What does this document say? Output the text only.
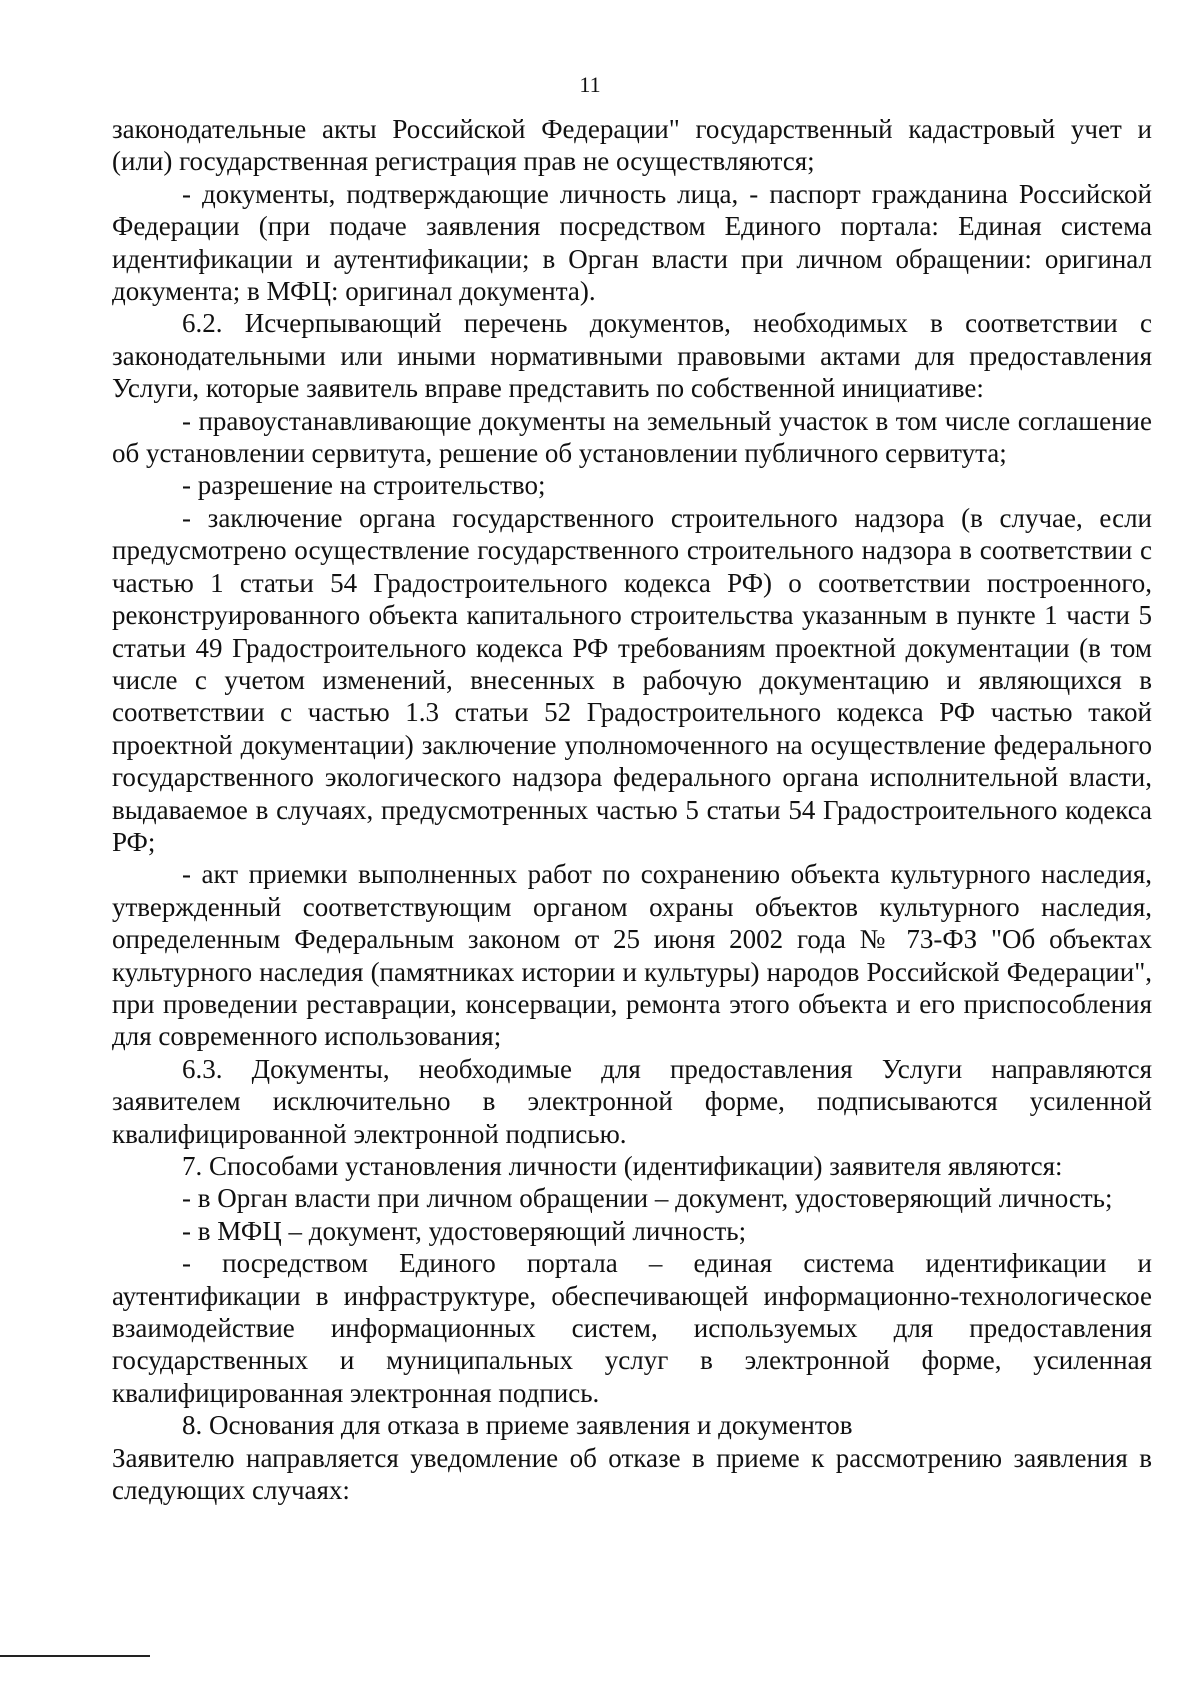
11

законодательные акты Российской Федерации" государственный кадастровый учет и (или) государственная регистрация прав не осуществляются;

- документы, подтверждающие личность лица, - паспорт гражданина Российской Федерации (при подаче заявления посредством Единого портала: Единая система идентификации и аутентификации; в Орган власти при личном обращении: оригинал документа; в МФЦ: оригинал документа).

6.2. Исчерпывающий перечень документов, необходимых в соответствии с законодательными или иными нормативными правовыми актами для предоставления Услуги, которые заявитель вправе представить по собственной инициативе:

- правоустанавливающие документы на земельный участок в том числе соглашение об установлении сервитута, решение об установлении публичного сервитута;

- разрешение на строительство;

- заключение органа государственного строительного надзора (в случае, если предусмотрено осуществление государственного строительного надзора в соответствии с частью 1 статьи 54 Градостроительного кодекса РФ) о соответствии построенного, реконструированного объекта капитального строительства указанным в пункте 1 части 5 статьи 49 Градостроительного кодекса РФ требованиям проектной документации (в том числе с учетом изменений, внесенных в рабочую документацию и являющихся в соответствии с частью 1.3 статьи 52 Градостроительного кодекса РФ частью такой проектной документации) заключение уполномоченного на осуществление федерального государственного экологического надзора федерального органа исполнительной власти, выдаваемое в случаях, предусмотренных частью 5 статьи 54 Градостроительного кодекса РФ;

- акт приемки выполненных работ по сохранению объекта культурного наследия, утвержденный соответствующим органом охраны объектов культурного наследия, определенным Федеральным законом от 25 июня 2002 года № 73-ФЗ "Об объектах культурного наследия (памятниках истории и культуры) народов Российской Федерации", при проведении реставрации, консервации, ремонта этого объекта и его приспособления для современного использования;

6.3. Документы, необходимые для предоставления Услуги направляются заявителем исключительно в электронной форме, подписываются усиленной квалифицированной электронной подписью.

7. Способами установления личности (идентификации) заявителя являются:

- в Орган власти при личном обращении – документ, удостоверяющий личность;

- в МФЦ – документ, удостоверяющий личность;

- посредством Единого портала – единая система идентификации и аутентификации в инфраструктуре, обеспечивающей информационно-технологическое взаимодействие информационных систем, используемых для предоставления государственных и муниципальных услуг в электронной форме, усиленная квалифицированная электронная подпись.

8. Основания для отказа в приеме заявления и документов

Заявителю направляется уведомление об отказе в приеме к рассмотрению заявления в следующих случаях:
